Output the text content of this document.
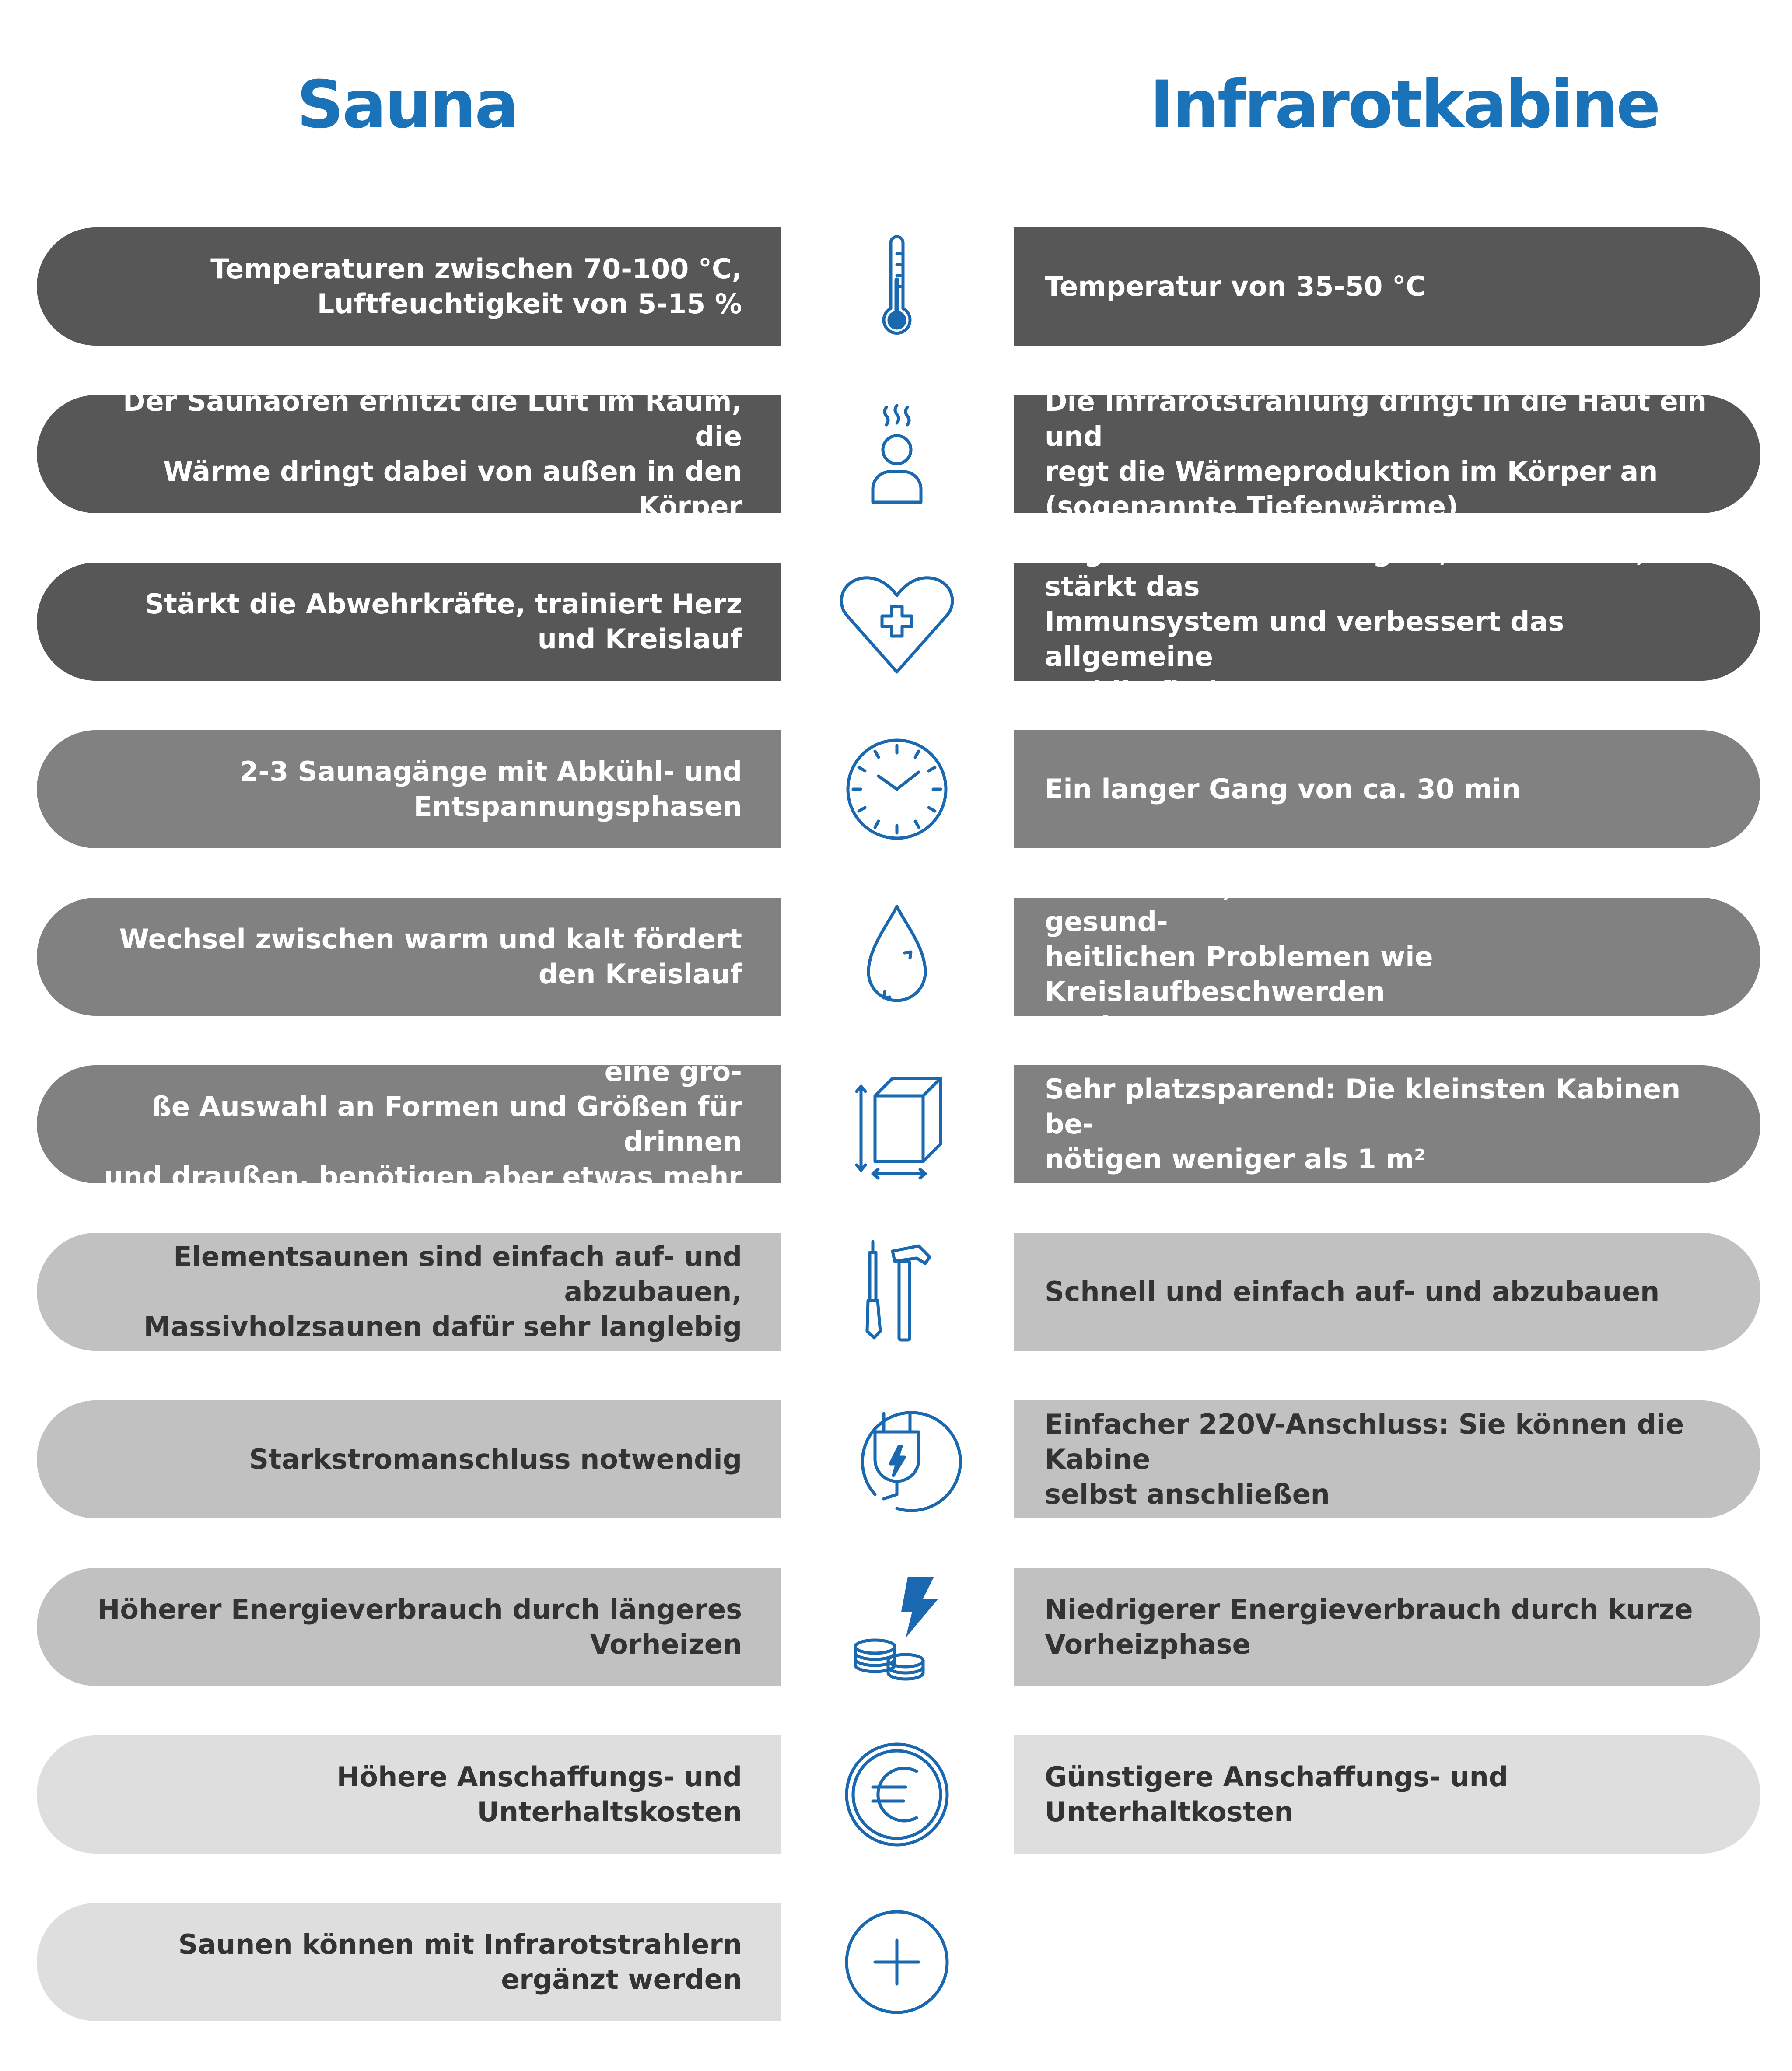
Sauna	Infrarotkabine
Temperaturen zwischen 70-100 °C,
Luftfeuchtigkeit von 5-15 %
Temperatur von 35-50 °C
Der Saunaofen erhitzt die Luft im Raum, die
Wärme dringt dabei von außen in den Körper
Die Infrarotstrahlung dringt in die Haut ein und
regt die Wärmeproduktion im Körper an
(sogenannte Tiefenwärme)
Stärkt die Abwehrkräfte, trainiert Herz
und Kreislauf
Regt die Durchblutung an, entschlackt, stärkt das
Immunsystem und verbessert das allgemeine
Wohlbefinden
2-3 Saunagänge mit Abkühl- und
Entspannungsphasen
Ein langer Gang von ca. 30 min
Wechsel zwischen warm und kalt fördert
den Kreislauf
Schonender, daher auch für Menschen mit gesund-
heitlichen Problemen wie Kreislaufbeschwerden
geeignet
Element- und Massivholzsaunen bieten eine gro-
ße Auswahl an Formen und Größen für drinnen
und draußen, benötigen aber etwas mehr Platz
Sehr platzsparend: Die kleinsten Kabinen be-
nötigen weniger als 1 m²
Elementsaunen sind einfach auf- und abzubauen,
Massivholzsaunen dafür sehr langlebig
Schnell und einfach auf- und abzubauen
Starkstromanschluss notwendig
Einfacher 220V-Anschluss: Sie können die Kabine
selbst anschließen
Höherer Energieverbrauch durch längeres
Vorheizen
Niedrigerer Energieverbrauch durch kurze
Vorheizphase
Höhere Anschaffungs- und Unterhaltskosten
Günstigere Anschaffungs- und Unterhaltkosten
Saunen können mit Infrarotstrahlern
ergänzt werden
